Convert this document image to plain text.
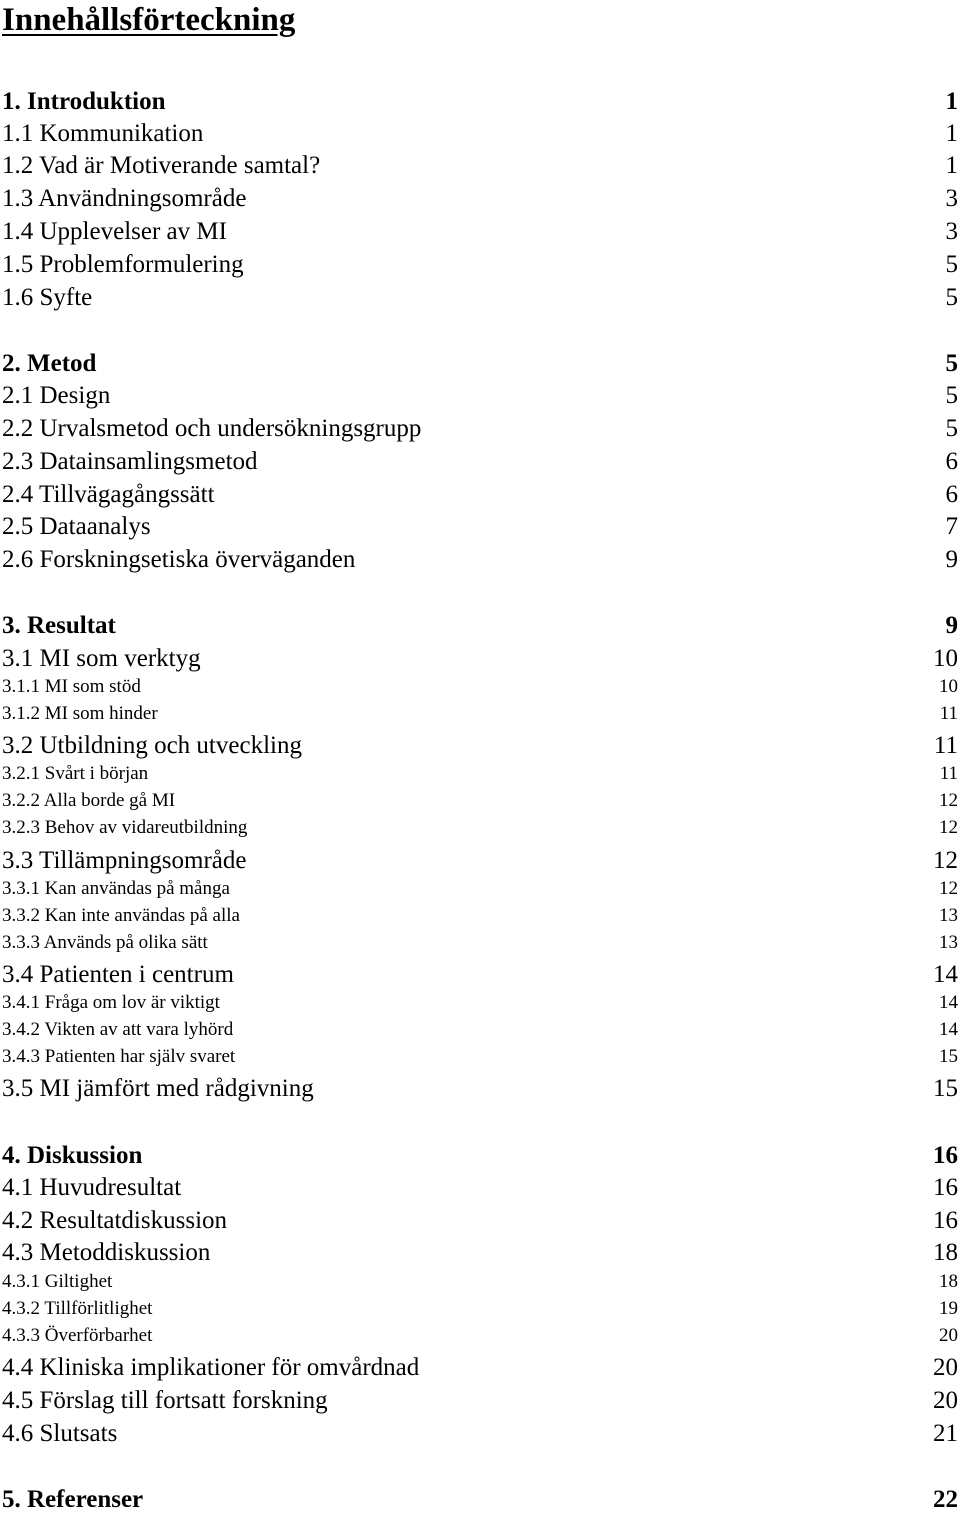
Innehållsförteckning
1. Introduktion	1
1.1 Kommunikation	1
1.2 Vad är Motiverande samtal?	1
1.3 Användningsområde	3
1.4 Upplevelser av MI	3
1.5 Problemformulering	5
1.6 Syfte	5
2. Metod	5
2.1 Design	5
2.2 Urvalsmetod och undersökningsgrupp	5
2.3 Datainsamlingsmetod	6
2.4 Tillvägagångssätt	6
2.5 Dataanalys	7
2.6 Forskningsetiska överväganden	9
3. Resultat	9
3.1 MI som verktyg	10
3.1.1 MI som stöd	10
3.1.2 MI som hinder	11
3.2 Utbildning och utveckling	11
3.2.1 Svårt i början	11
3.2.2 Alla borde gå MI	12
3.2.3 Behov av vidareutbildning	12
3.3 Tillämpningsområde	12
3.3.1 Kan användas på många	12
3.3.2 Kan inte användas på alla	13
3.3.3 Används på olika sätt	13
3.4 Patienten i centrum	14
3.4.1 Fråga om lov är viktigt	14
3.4.2 Vikten av att vara lyhörd	14
3.4.3 Patienten har själv svaret	15
3.5 MI jämfört med rådgivning	15
4. Diskussion	16
4.1 Huvudresultat	16
4.2 Resultatdiskussion	16
4.3 Metoddiskussion	18
4.3.1 Giltighet	18
4.3.2 Tillförlitlighet	19
4.3.3 Överförbarhet	20
4.4 Kliniska implikationer för omvårdnad	20
4.5 Förslag till fortsatt forskning	20
4.6 Slutsats	21
5. Referenser	22
